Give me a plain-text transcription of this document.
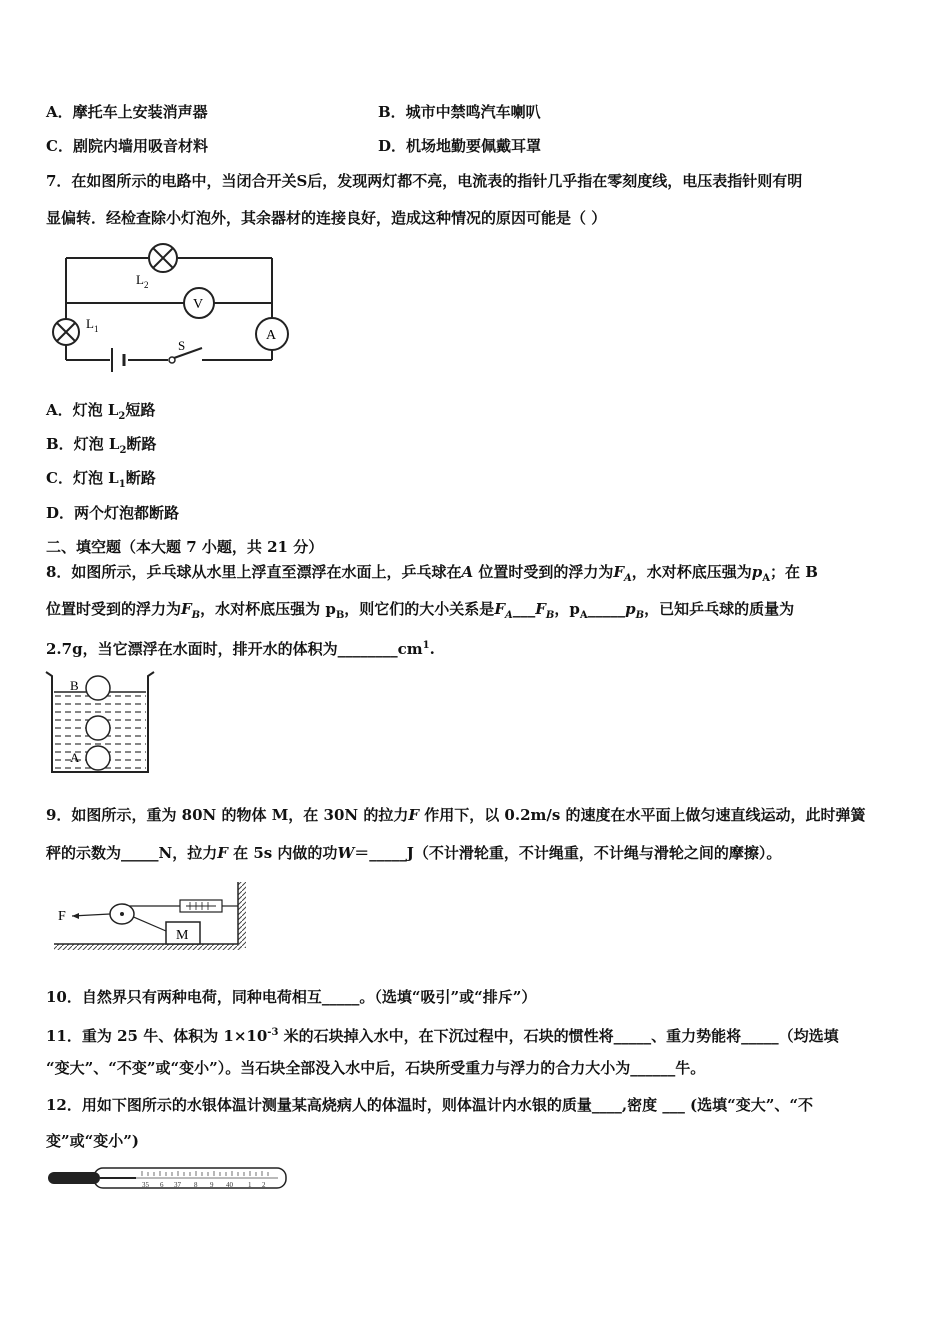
A．摩托车上安装消声器	B．城市中禁鸣汽车喇叭
C．剧院内墙用吸音材料	D．机场地勤要佩戴耳罩
7．在如图所示的电路中，当闭合开关S后，发现两灯都不亮，电流表的指针几乎指在零刻度线，电压表指针则有明
显偏转．经检查除小灯泡外，其余器材的连接良好，造成这种情况的原因可能是（ ）
L 2
V
L 1	A
S
A．灯泡 $L_2$短路
B．灯泡 $L_2$断路
C．灯泡 $L_1$断路
D．两个灯泡都断路
二、填空题（本大题 7 小题，共 21 分）
8．如图所示，乒乓球从水里上浮直至漂浮在水面上，乒乓球在A 位置时受到的浮力为$F_A$，水对杯底压强为$p_A$；在 B
位置时受到的浮力为$F_B$，水对杯底压强为 $p_B$，则它们的大小关系是$F_A\_\_\_F_B$，$p_A\_\_\_\_\_p_B$，已知乒乓球的质量为
2.7g，当它漂浮在水面时，排开水的体积为$\_\_\_\_\_\_\_\_cm^1$.
B
A
9．如图所示，重为 80N 的物体 M，在 30N 的拉力F 作用下，以 0.2m/s 的速度在水平面上做匀速直线运动，此时弹簧
秤的示数为_____N，拉力F 在 5s 内做的功W＝_____J（不计滑轮重，不计绳重，不计绳与滑轮之间的摩擦）。
M
F
10．自然界只有两种电荷，同种电荷相互_____。（选填“吸引”或“排斥”）
11．重为 25 牛、体积为 $1\times 10^{-3}$ 米的石块掉入水中，在下沉过程中，石块的惯性将_____、重力势能将_____（均选填
“变大”、“不变”或“变小”）。当石块全部没入水中后，石块所受重力与浮力的合力大小为______牛。
12．用如下图所示的水银体温计测量某高烧病人的体温时，则体温计内水银的质量____,密度 ___ (选填“变大”、“不
变”或“变小”)
35 6 37 8 9 40 1 2
